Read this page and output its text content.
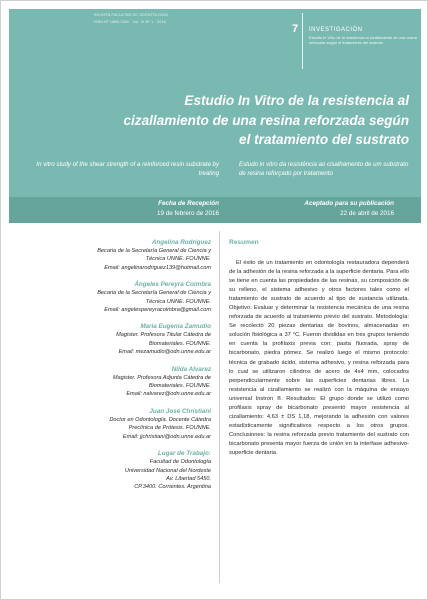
REVISTA FACULTAD DE ODONTOLOGÍA
ISSN Nº 1668-7280 · Vol. IX Nº 1 · 2016
7 INVESTIGACIÓN
Estudio In Vitro de la resistencia al cizallamiento de una resina reforzada según el tratamiento del sustrato
Estudio In Vitro de la resistencia al cizallamiento de una resina reforzada según el tratamiento del sustrato
In vitro study of the shear strength of a reinforced resin substrate by treating
Estudo in vitro da resistência ao cisalhamento de um substrato de resina reforçado por tratamento
Fecha de Recepción
19 de febrero de 2016
Aceptado para su publicación
22 de abril de 2016
Angelina Rodríguez
Becaria de la Secretaría General de Ciencia y
Técnica UNNE. FOUNNE.
Email: angelinarodriguez139@hotmail.com
Ángeles Pereyra Coimbra
Becaria de la Secretaría General de Ciencia y
Técnica UNNE. FOUNNE.
Email: angelespereyracoimbra@gmail.com
María Eugenia Zamudio
Magister. Profesora Titular Cátedra de
Biomateriales. FOUNNE.
Email: mezamudio@odn.unne.edu.ar
Nilda Alvarez
Magister. Profesora Adjunta Cátedra de
Biomateriales. FOUNNE.
Email: nalvarez@odn.unne.edu.ar
Juan José Christiani
Doctor en Odontología. Docente Cátedra
Preclínica de Prótesis. FOUNNE.
Email: jjchristiani@odn.unne.edu.ar
Lugar de Trabajo:
Facultad de Odontología
Universidad Nacional del Nordeste
Av. Libertad 5450.
CP.3400. Corrientes. Argentina
Resumen
El éxito de un tratamiento en odontología restauradora dependerá de la adhesión de la resina reforzada a la superficie dentaria. Para ello se tiene en cuenta las propiedades de las resinas, su composición de su relleno, el sistema adhesivo y otros factores tales como el tratamiento de sustrato de acuerdo al tipo de sustancia utilizada. Objetivo: Evaluar y determinar la resistencia mecánica de una resina reforzada de acuerdo al tratamiento previo del sustrato. Metodología: Se recolectó 20 piezas dentarias de bovinos, almacenadas en solución fisiológica a 37 °C. Fueron divididas en tres grupos teniendo en cuenta la profilaxis previa con: pasta fluorada, spray de bicarbonato, piedra pómez. Se realizó luego el mismo protocolo: técnica de grabado ácido, sistema adhesivo, y resina reforzada para lo cual se utilizaron cilindros de acero de 4x4 mm, colocados perpendicularmente sobre las superficies dentarias libres. La resistencia al cizallamiento se realizó con la máquina de ensayo universal Instron ®. Resultados: El grupo donde se utilizó como profilaxis spray de bicarbonato presentó mayor resistencia al cizallamiento: 4,63 ± DS 1,18, mejorando la adhesión con valores estadísticamente significativos respecto a los otros grupos. Conclusiones: la resina reforzada previo tratamiento del sustrato con bicarbonato presenta mayor fuerza de unión en la interfase adhesivo-superficie dentaria.
